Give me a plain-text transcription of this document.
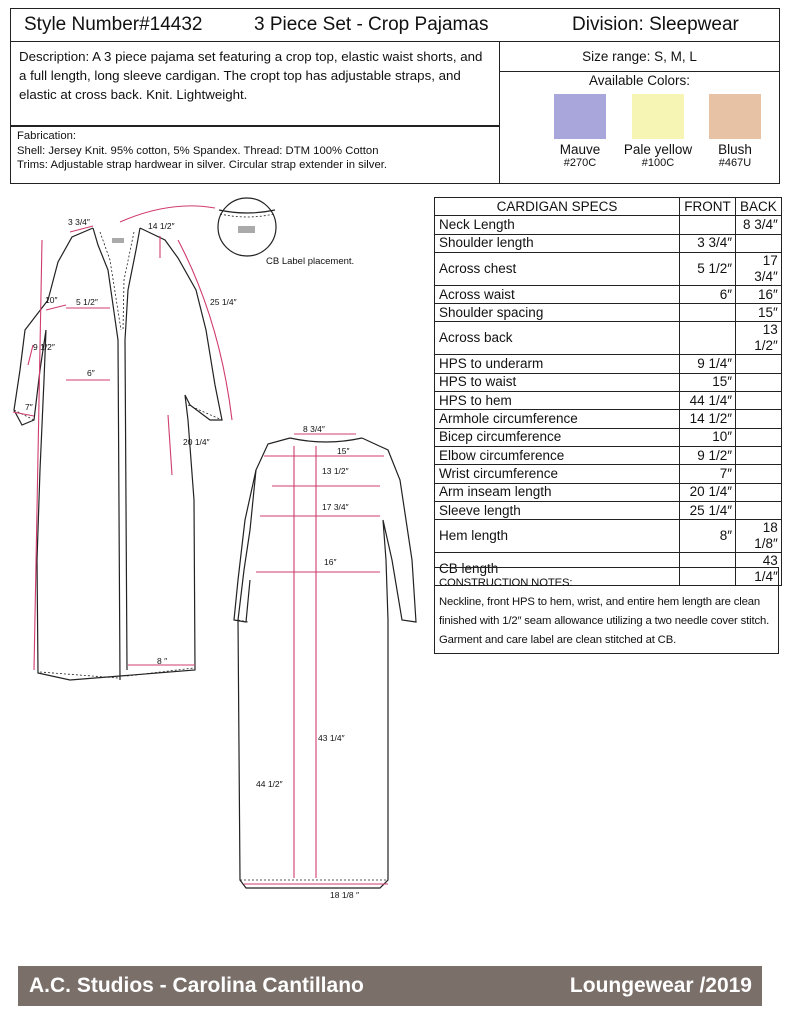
Style Number#14432	3 Piece Set - Crop Pajamas	Division: Sleepwear
Description: A 3 piece pajama set featuring a crop top, elastic waist shorts, and a full length, long sleeve cardigan. The cropt top has adjustable straps, and elastic at cross back. Knit. Lightweight.
Fabrication:
Shell: Jersey Knit. 95% cotton, 5% Spandex. Thread: DTM 100% Cotton
Trims: Adjustable strap hardwear in silver. Circular strap extender in silver.
Size range: S, M, L
Available Colors:
Mauve
#270C
Pale yellow
#100C
Blush
#467U
CARDIGAN SPECS	FRONT	BACK
Neck Length		8 3/4″
Shoulder length	3 3/4″	
Across chest	5 1/2″	17 3/4″
Across waist	6″	16″
Shoulder spacing		15″
Across back		13 1/2″
HPS to underarm	9 1/4″	
HPS to waist	15″	
HPS to hem	44 1/4″	
Armhole circumference	14 1/2″	
Bicep circumference	10″	
Elbow circumference	9 1/2″	
Wrist circumference	7″	
Arm inseam length	20 1/4″	
Sleeve length	25 1/4″	
Hem length	8″	18 1/8″
CB length		43 1/4″
CONSTRUCTION NOTES:
Neckline, front HPS to hem, wrist, and entire hem length are clean finished with 1/2″ seam allowance utilizing a two needle cover stitch. Garment and care label are clean stitched at CB.
3 3/4″	14 1/2″
CB Label placement.
10″ 5 1/2″	25 1/4″
9 1/2″
6″
7″
20 1/4″
8 ″
8 3/4″
15″
13 1/2″
17 3/4″
16″
43 1/4″
44 1/2″
18 1/8 ″
A.C. Studios - Carolina Cantillano	Loungewear /2019
